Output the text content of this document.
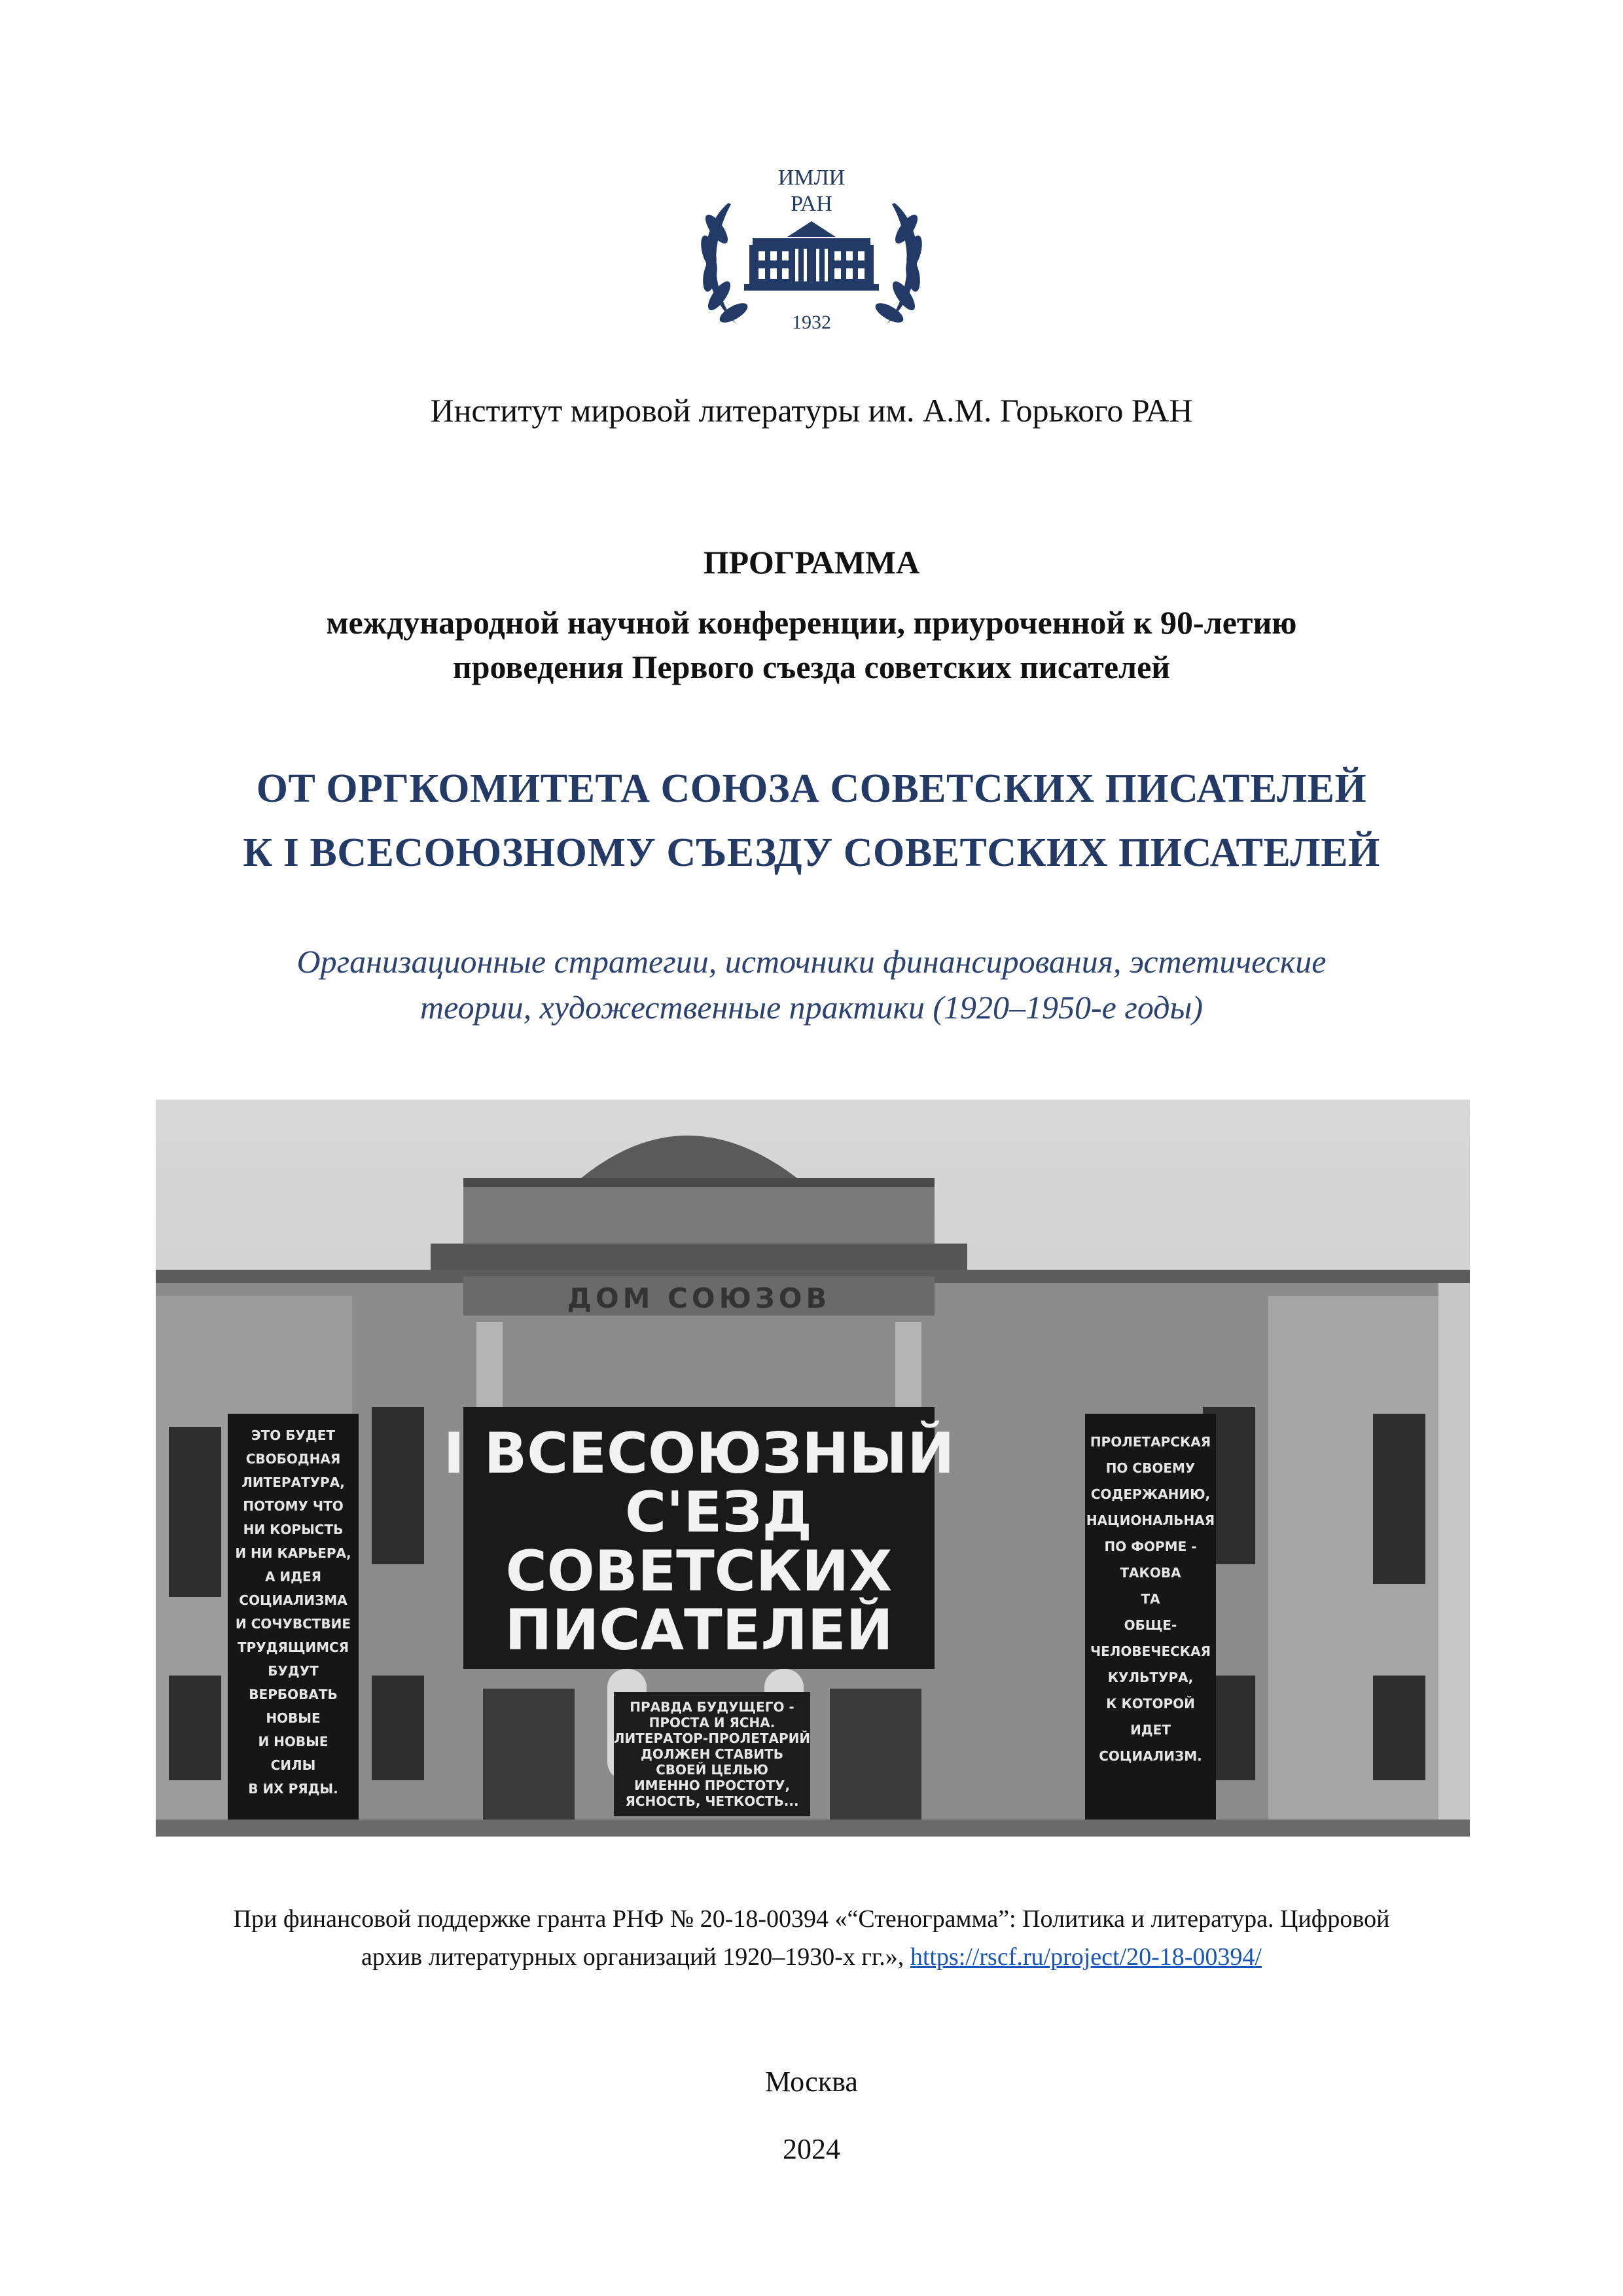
ИМЛИ
РАН
1932
Институт мировой литературы им. А.М. Горького РАН
ПРОГРАММА
международной научной конференции, приуроченной к 90-летию
проведения Первого съезда советских писателей
ОТ ОРГКОМИТЕТА СОЮЗА СОВЕТСКИХ ПИСАТЕЛЕЙ
К I ВСЕСОЮЗНОМУ СЪЕЗДУ СОВЕТСКИХ ПИСАТЕЛЕЙ
Организационные стратегии, источники финансирования, эстетические
теории, художественные практики (1920–1950-е годы)
ДОМ СОЮЗОВ
I ВСЕСОЮЗНЫЙ
С'ЕЗД
СОВЕТСКИХ
ПИСАТЕЛЕЙ
ПРАВДА БУДУЩЕГО -
ПРОСТА И ЯСНА.
ЛИТЕРАТОР-ПРОЛЕТАРИЙ
ДОЛЖЕН СТАВИТЬ
СВОЕЙ ЦЕЛЬЮ
ИМЕННО ПРОСТОТУ,
ЯСНОСТЬ, ЧЕТКОСТЬ...
ЭТО БУДЕТ
СВОБОДНАЯ
ЛИТЕРАТУРА,
ПОТОМУ ЧТО
НИ КОРЫСТЬ
И НИ КАРЬЕРА,
А ИДЕЯ
СОЦИАЛИЗМА
И СОЧУВСТВИЕ
ТРУДЯЩИМСЯ
БУДУТ
ВЕРБОВАТЬ
НОВЫЕ
И НОВЫЕ
СИЛЫ
В ИХ РЯДЫ.
ПРОЛЕТАРСКАЯ
ПО СВОЕМУ
СОДЕРЖАНИЮ,
НАЦИОНАЛЬНАЯ
ПО ФОРМЕ -
ТАКОВА
ТА
ОБЩЕ-
ЧЕЛОВЕЧЕСКАЯ
КУЛЬТУРА,
К КОТОРОЙ
ИДЕТ
СОЦИАЛИЗМ.
При финансовой поддержке гранта РНФ № 20-18-00394 «“Стенограмма”: Политика и литература. Цифровой
архив литературных организаций 1920–1930-х гг.», https://rscf.ru/project/20-18-00394/
Москва
2024
